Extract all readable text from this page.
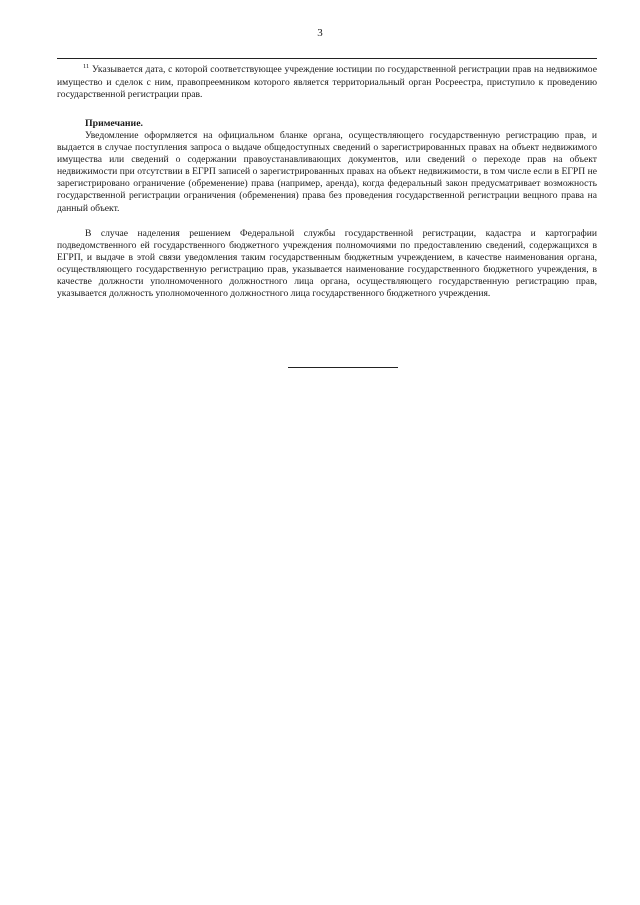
3

$^{11}$ Указывается дата, с которой соответствующее учреждение юстиции по государственной регистрации прав на недвижимое имущество и сделок с ним, правопреемником которого является территориальный орган Росреестра, приступило к проведению государственной регистрации прав.

Примечание.

Уведомление оформляется на официальном бланке органа, осуществляющего государственную регистрацию прав, и выдается в случае поступления запроса о выдаче общедоступных сведений о зарегистрированных правах на объект недвижимого имущества или сведений о содержании правоустанавливающих документов, или сведений о переходе прав на объект недвижимости при отсутствии в ЕГРП записей о зарегистрированных правах на объект недвижимости, в том числе если в ЕГРП не зарегистрировано ограничение (обременение) права (например, аренда), когда федеральный закон предусматривает возможность государственной регистрации ограничения (обременения) права без проведения государственной регистрации вещного права на данный объект.

В случае наделения решением Федеральной службы государственной регистрации, кадастра и картографии подведомственного ей государственного бюджетного учреждения полномочиями по предоставлению сведений, содержащихся в ЕГРП, и выдаче в этой связи уведомления таким государственным бюджетным учреждением, в качестве наименования органа, осуществляющего государственную регистрацию прав, указывается наименование государственного бюджетного учреждения, в качестве должности уполномоченного должностного лица органа, осуществляющего государственную регистрацию прав, указывается должность уполномоченного должностного лица государственного бюджетного учреждения.
